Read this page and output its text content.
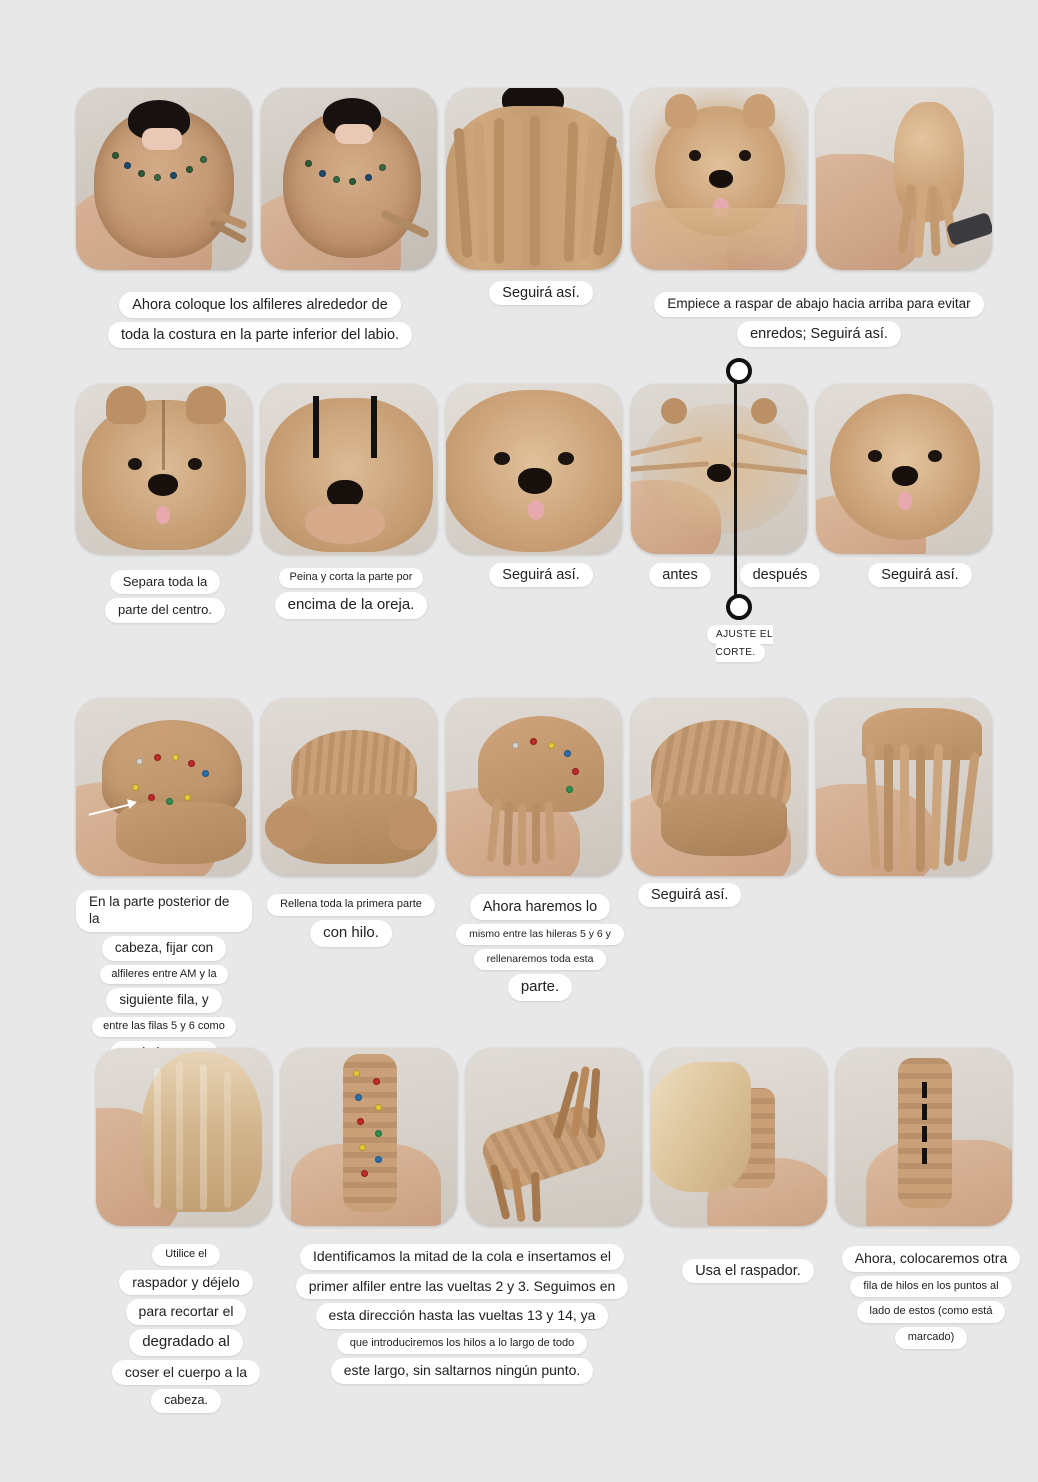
Ahora coloque los alfileres alrededor de
toda la costura en la parte inferior del labio.
Seguirá así.
Empiece a raspar de abajo hacia arriba para evitar
enredos; Seguirá así.
Separa toda la
parte del centro.
Peina y corta la parte por
encima de la oreja.
Seguirá así.	antes	después
AJUSTE EL CORTE.
Seguirá así.
En la parte posterior de la
cabeza, fijar con
alfileres entre AM y la
siguiente fila, y
entre las filas 5 y 6 como
Rellena toda la primera parte
con hilo.
Ahora haremos lo
mismo entre las hileras 5 y 6 y
rellenaremos toda esta
parte.
Seguirá así.
Utilice el
raspador y déjelo
para recortar el
degradado al
coser el cuerpo a la
cabeza.
Identificamos la mitad de la cola e insertamos el
primer alfiler entre las vueltas 2 y 3. Seguimos en
esta dirección hasta las vueltas 13 y 14, ya
que introduciremos los hilos a lo largo de todo
este largo, sin saltarnos ningún punto.
Usa el raspador.
Ahora, colocaremos otra
fila de hilos en los puntos al
lado de estos (como está
marcado)
